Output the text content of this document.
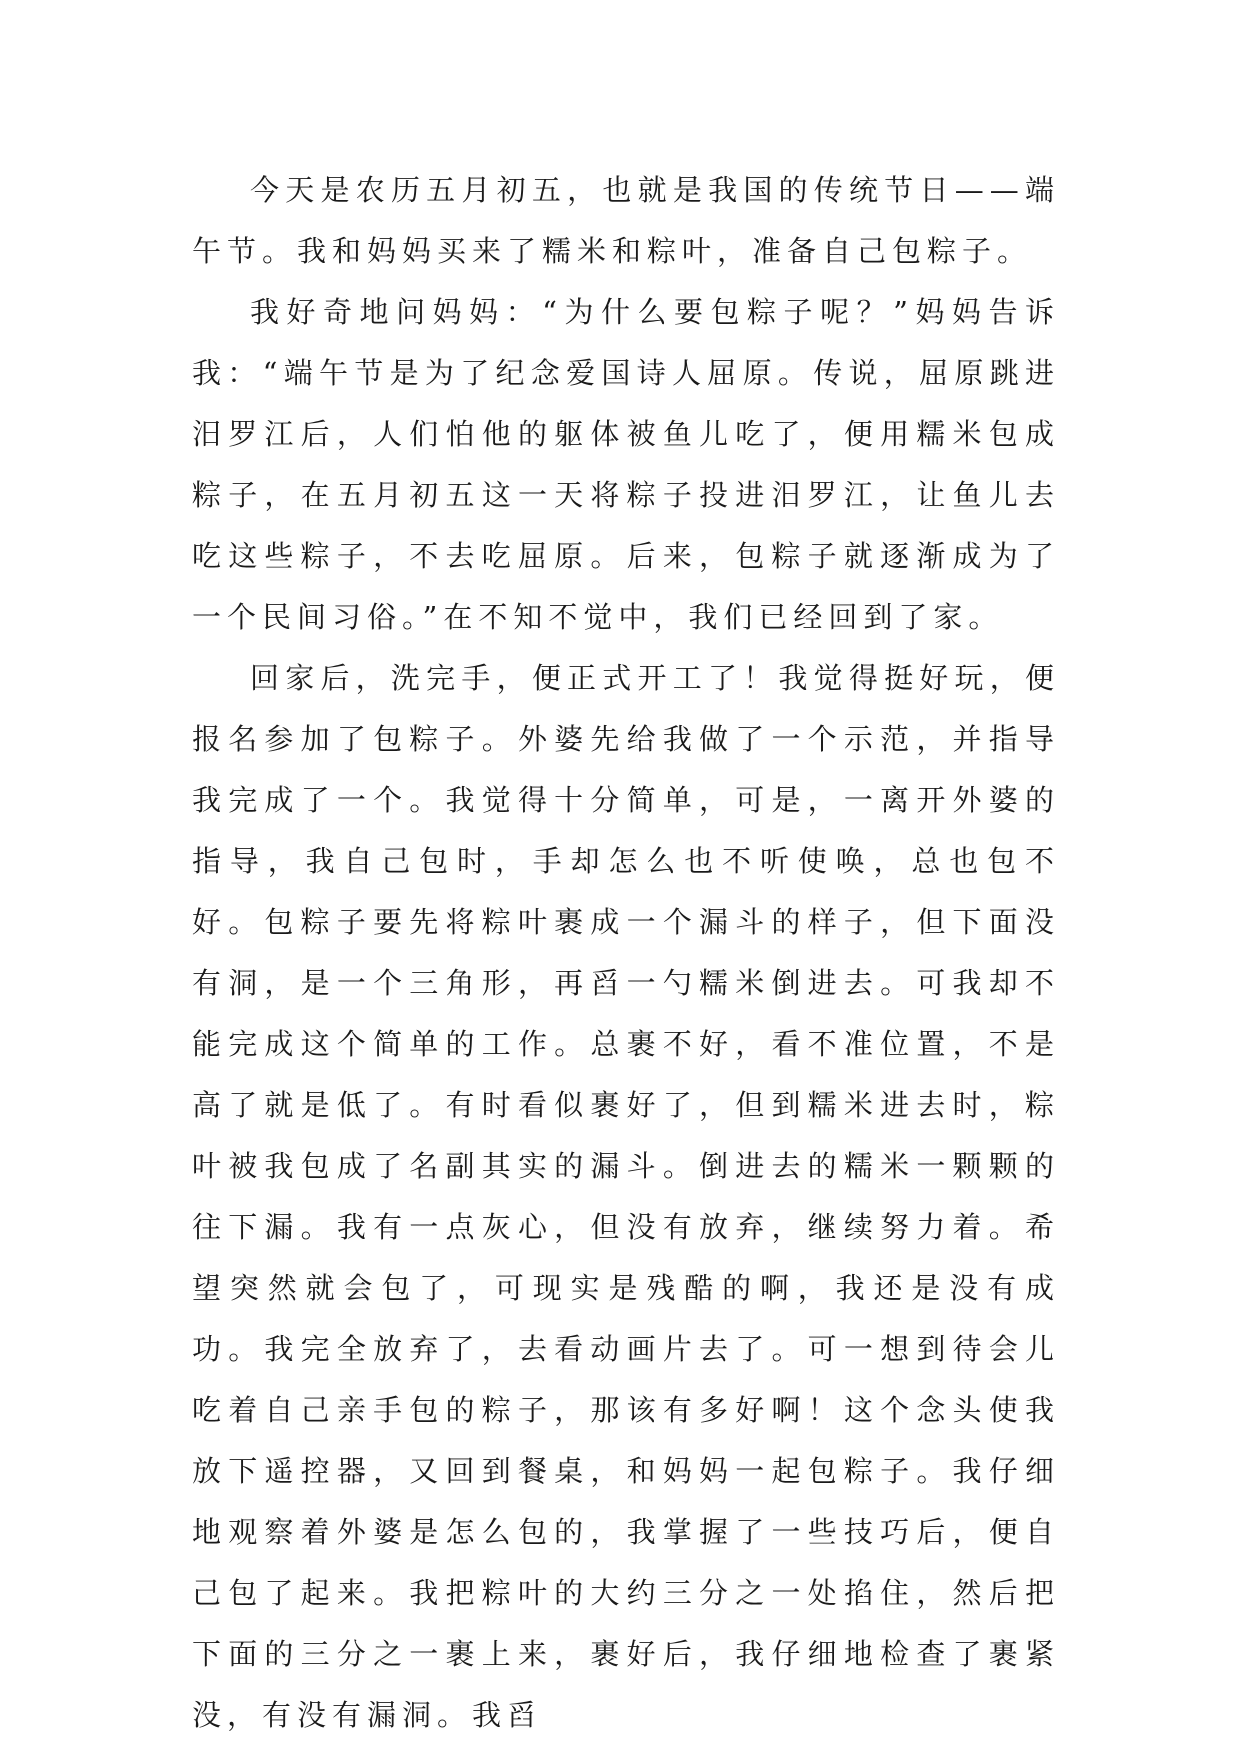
今天是农历五月初五，也就是我国的传统节日——端午节。我和妈妈买来了糯米和粽叶，准备自己包粽子。

我好奇地问妈妈：“为什么要包粽子呢？”妈妈告诉我：“端午节是为了纪念爱国诗人屈原。传说，屈原跳进汨罗江后，人们怕他的躯体被鱼儿吃了，便用糯米包成粽子，在五月初五这一天将粽子投进汨罗江，让鱼儿去吃这些粽子，不去吃屈原。后来，包粽子就逐渐成为了一个民间习俗。”在不知不觉中，我们已经回到了家。

回家后，洗完手，便正式开工了！我觉得挺好玩，便报名参加了包粽子。外婆先给我做了一个示范，并指导我完成了一个。我觉得十分简单，可是，一离开外婆的指导，我自己包时，手却怎么也不听使唤，总也包不好。包粽子要先将粽叶裹成一个漏斗的样子，但下面没有洞，是一个三角形，再舀一勺糯米倒进去。可我却不能完成这个简单的工作。总裹不好，看不准位置，不是高了就是低了。有时看似裹好了，但到糯米进去时，粽叶被我包成了名副其实的漏斗。倒进去的糯米一颗颗的往下漏。我有一点灰心，但没有放弃，继续努力着。希望突然就会包了，可现实是残酷的啊，我还是没有成功。我完全放弃了，去看动画片去了。可一想到待会儿吃着自己亲手包的粽子，那该有多好啊！这个念头使我放下遥控器，又回到餐桌，和妈妈一起包粽子。我仔细地观察着外婆是怎么包的，我掌握了一些技巧后，便自己包了起来。我把粽叶的大约三分之一处掐住，然后把下面的三分之一裹上来，裹好后，我仔细地检查了裹紧没，有没有漏洞。我舀
